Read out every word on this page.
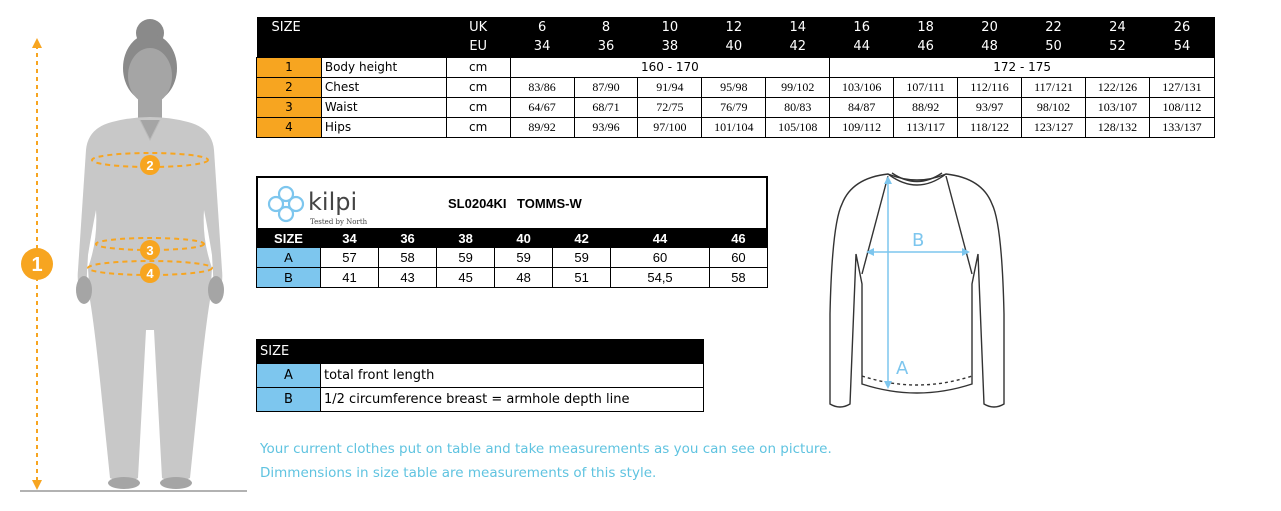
1
2
3
4
SIZE		UK	6	8	10	12	14	16	18	20	22	24	26
		EU	34	36	38	40	42	44	46	48	50	52	54
1	Body height	cm	160 - 170					172 - 175					
2	Chest	cm	83/86	87/90	91/94	95/98	99/102	103/106	107/111	112/116	117/121	122/126	127/131
3	Waist	cm	64/67	68/71	72/75	76/79	80/83	84/87	88/92	93/97	98/102	103/107	108/112
4	Hips	cm	89/92	93/96	97/100	101/104	105/108	109/112	113/117	118/122	123/127	128/132	133/137
kilpi
Tested by North
SL0204KI TOMMS-W
SIZE	34	36	38	40	42	44	46
A	57	58	59	59	59	60	60
B	41	43	45	48	51	54,5	58
SIZE	
A	total front length
B	1/2 circumference breast = armhole depth line
Your current clothes put on table and take measurements as you can see on picture.
Dimmensions in size table are measurements of this style.
A
B
